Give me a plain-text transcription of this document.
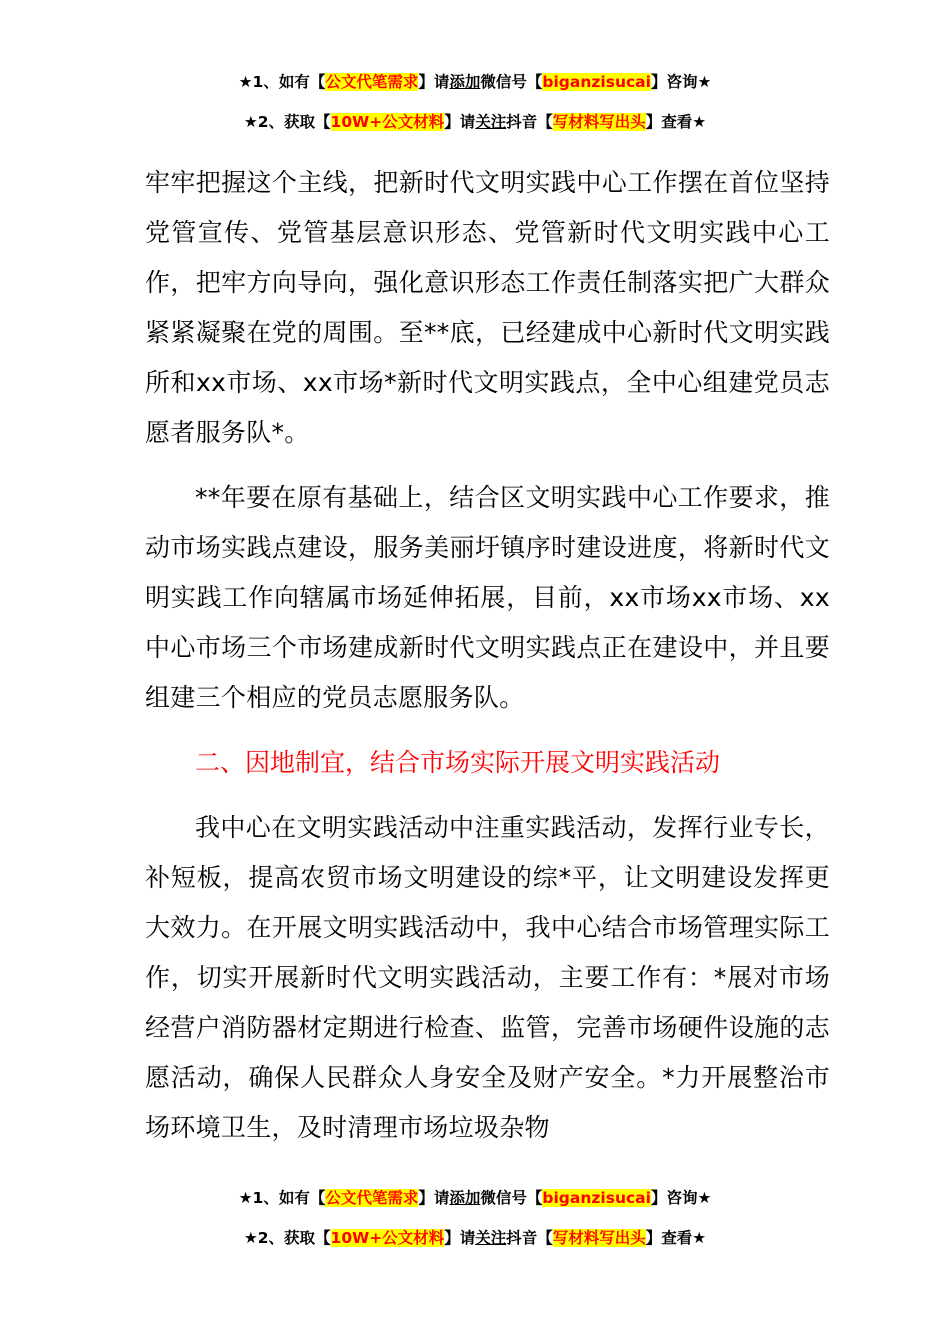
★1、如有【公文代笔需求】请添加微信号【biganzisucai】咨询★
★2、获取【10W+公文材料】请关注抖音【写材料写出头】查看★

牢牢把握这个主线，把新时代文明实践中心工作摆在首位坚持党管宣传、党管基层意识形态、党管新时代文明实践中心工作，把牢方向导向，强化意识形态工作责任制落实把广大群众紧紧凝聚在党的周围。至**底，已经建成中心新时代文明实践所和xx市场、xx市场*新时代文明实践点，全中心组建党员志愿者服务队*。

**年要在原有基础上，结合区文明实践中心工作要求，推动市场实践点建设，服务美丽圩镇序时建设进度，将新时代文明实践工作向辖属市场延伸拓展，目前，xx市场xx市场、xx中心市场三个市场建成新时代文明实践点正在建设中，并且要组建三个相应的党员志愿服务队。

二、因地制宜，结合市场实际开展文明实践活动

我中心在文明实践活动中注重实践活动，发挥行业专长，补短板，提高农贸市场文明建设的综*平，让文明建设发挥更大效力。在开展文明实践活动中，我中心结合市场管理实际工作，切实开展新时代文明实践活动，主要工作有：*展对市场经营户消防器材定期进行检查、监管，完善市场硬件设施的志愿活动，确保人民群众人身安全及财产安全。*力开展整治市场环境卫生，及时清理市场垃圾杂物

★1、如有【公文代笔需求】请添加微信号【biganzisucai】咨询★
★2、获取【10W+公文材料】请关注抖音【写材料写出头】查看★
